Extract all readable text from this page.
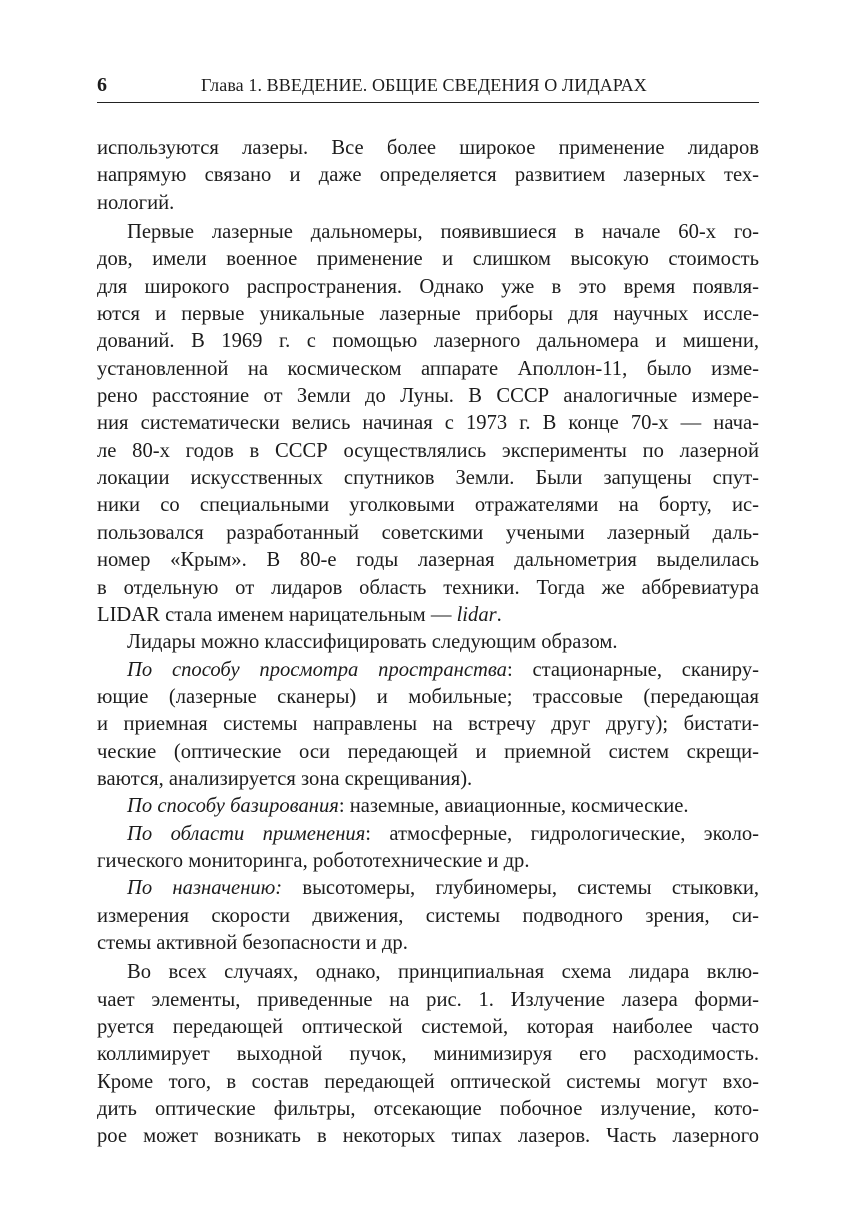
6	Глава 1. ВВЕДЕНИЕ. ОБЩИЕ СВЕДЕНИЯ О ЛИДАРАХ
используются лазеры. Все более широкое применение лидаров
напрямую связано и даже определяется развитием лазерных тех-
нологий.
Первые лазерные дальномеры, появившиеся в начале 60-х го-
дов, имели военное применение и слишком высокую стоимость
для широкого распространения. Однако уже в это время появля-
ются и первые уникальные лазерные приборы для научных иссле-
дований. В 1969 г. с помощью лазерного дальномера и мишени,
установленной на космическом аппарате Аполлон-11, было изме-
рено расстояние от Земли до Луны. В СССР аналогичные измере-
ния систематически велись начиная с 1973 г. В конце 70-х — нача-
ле 80-х годов в СССР осуществлялись эксперименты по лазерной
локации искусственных спутников Земли. Были запущены спут-
ники со специальными уголковыми отражателями на борту, ис-
пользовался разработанный советскими учеными лазерный даль-
номер «Крым». В 80-е годы лазерная дальнометрия выделилась
в отдельную от лидаров область техники. Тогда же аббревиатура
LIDAR стала именем нарицательным — lidar.
Лидары можно классифицировать следующим образом.
По способу просмотра пространства: стационарные, сканиру-
ющие (лазерные сканеры) и мобильные; трассовые (передающая
и приемная системы направлены на встречу друг другу); бистати-
ческие (оптические оси передающей и приемной систем скрещи-
ваются, анализируется зона скрещивания).
По способу базирования: наземные, авиационные, космические.
По области применения: атмосферные, гидрологические, эколо-
гического мониторинга, робототехнические и др.
По назначению: высотомеры, глубиномеры, системы стыковки,
измерения скорости движения, системы подводного зрения, си-
стемы активной безопасности и др.
Во всех случаях, однако, принципиальная схема лидара вклю-
чает элементы, приведенные на рис. 1. Излучение лазера форми-
руется передающей оптической системой, которая наиболее часто
коллимирует выходной пучок, минимизируя его расходимость.
Кроме того, в состав передающей оптической системы могут вхо-
дить оптические фильтры, отсекающие побочное излучение, кото-
рое может возникать в некоторых типах лазеров. Часть лазерного
